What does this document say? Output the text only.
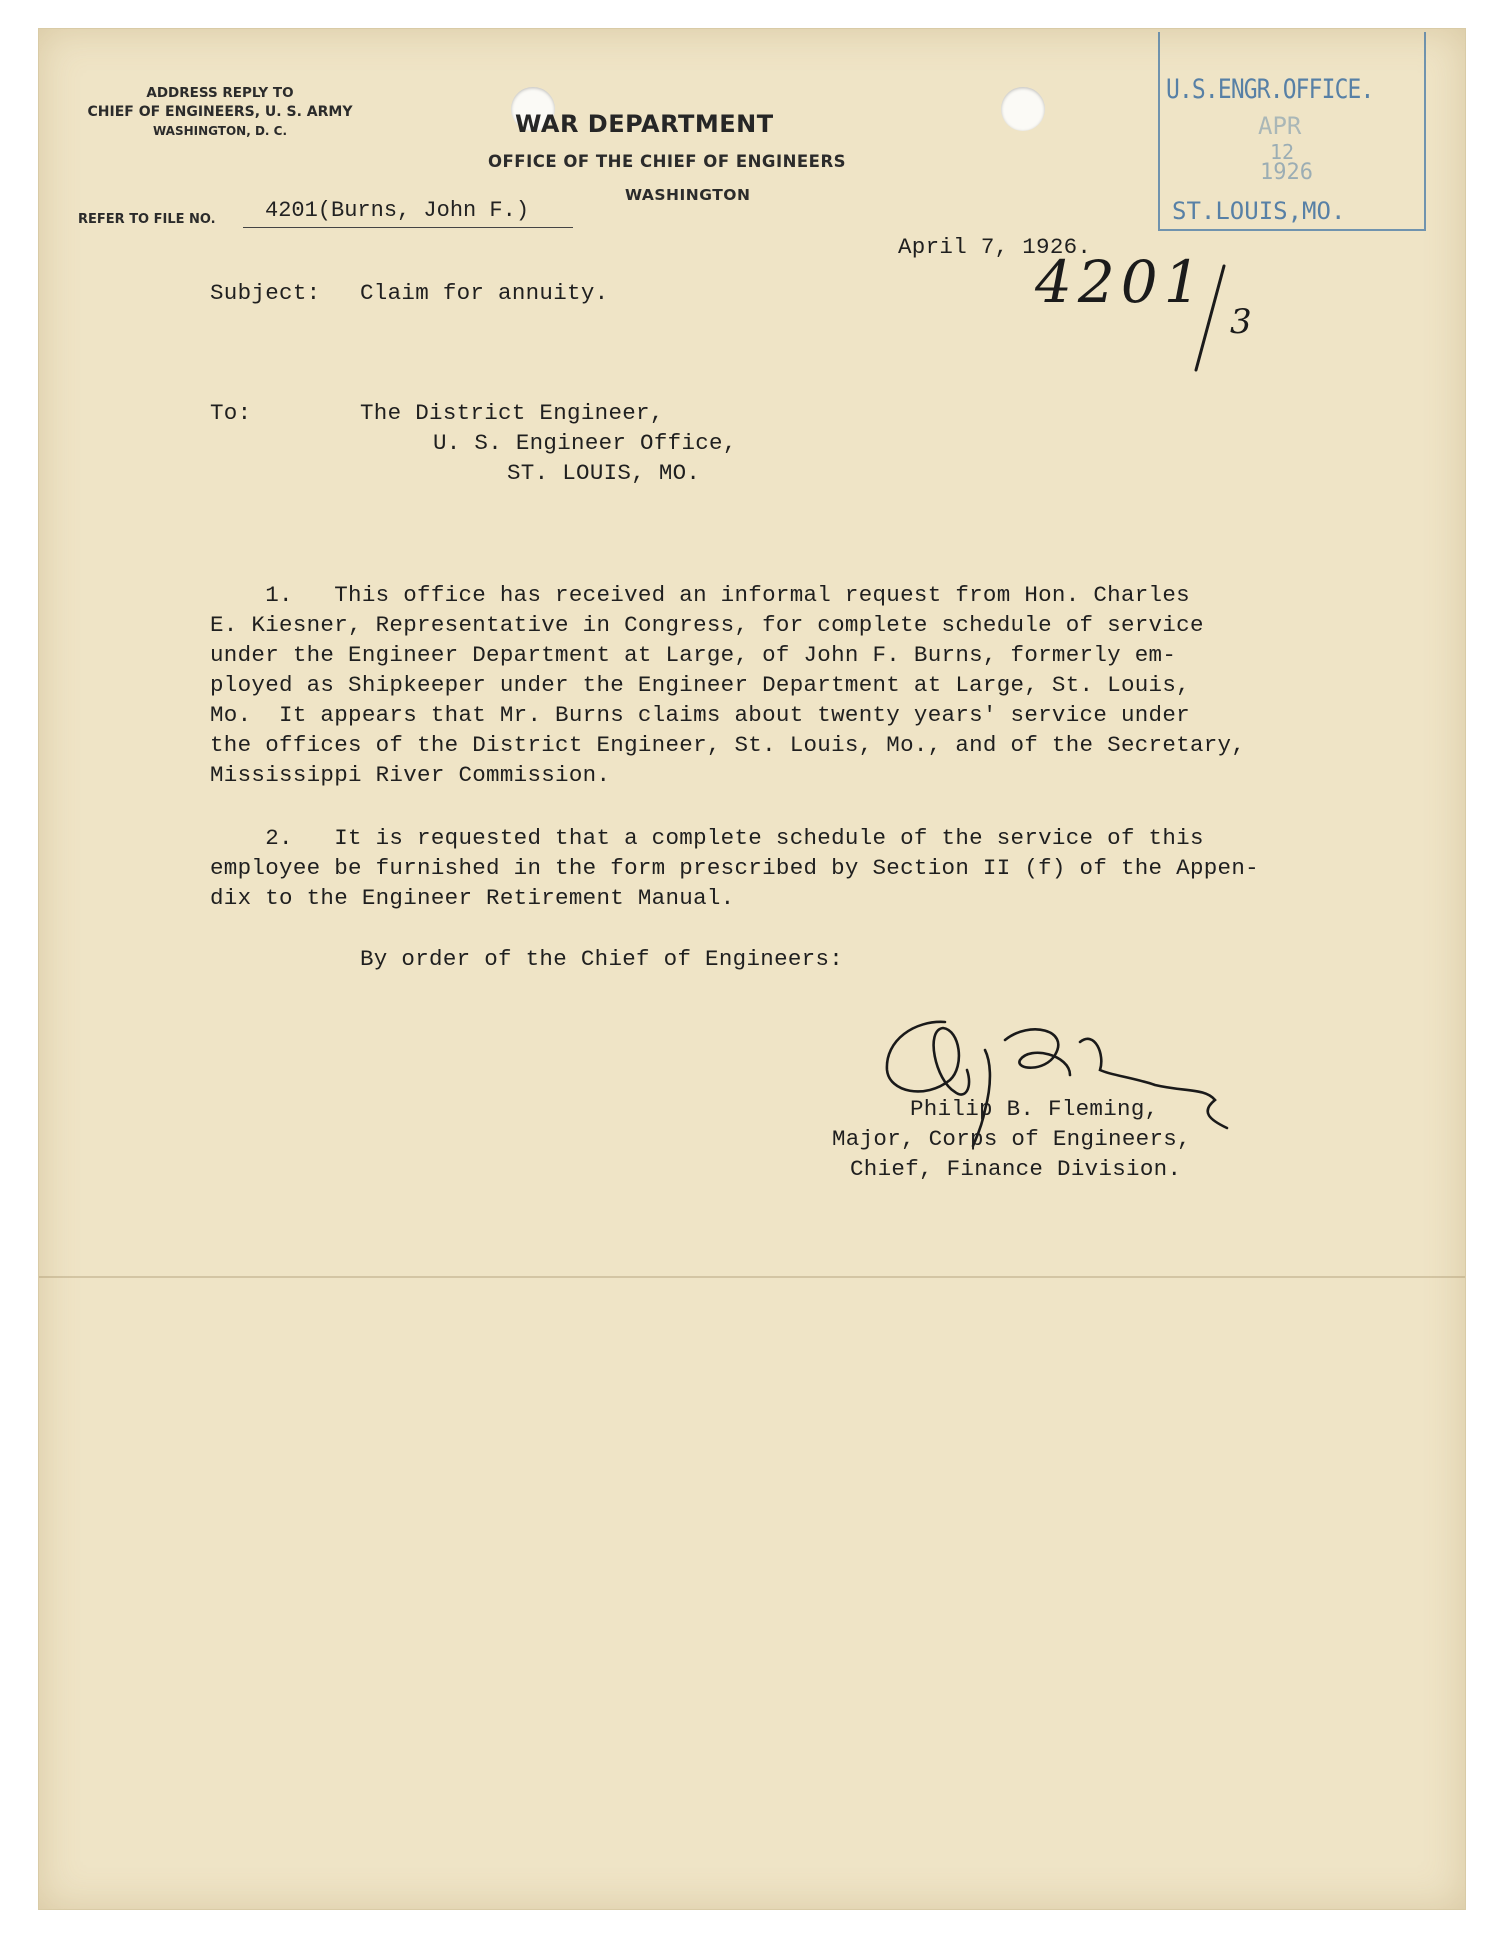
ADDRESS REPLY TO
CHIEF OF ENGINEERS, U. S. ARMY
WASHINGTON, D. C.	WAR DEPARTMENT
OFFICE OF THE CHIEF OF ENGINEERS
WASHINGTON
REFER TO FILE NO.	4201(Burns, John F.)
U.S.ENGR.OFFICE.
APR
12
1926
ST.LOUIS,MO.
4201
3
April 7, 1926.
Subject: Claim for annuity.
To:	The District Engineer,
U. S. Engineer Office,
ST. LOUIS, MO.
1.   This office has received an informal request from Hon. Charles
E. Kiesner, Representative in Congress, for complete schedule of service
under the Engineer Department at Large, of John F. Burns, formerly em-
ployed as Shipkeeper under the Engineer Department at Large, St. Louis,
Mo.  It appears that Mr. Burns claims about twenty years' service under
the offices of the District Engineer, St. Louis, Mo., and of the Secretary,
Mississippi River Commission.
2.   It is requested that a complete schedule of the service of this
employee be furnished in the form prescribed by Section II (f) of the Appen-
dix to the Engineer Retirement Manual.
By order of the Chief of Engineers:
Philip B. Fleming,
Major, Corps of Engineers,
Chief, Finance Division.
